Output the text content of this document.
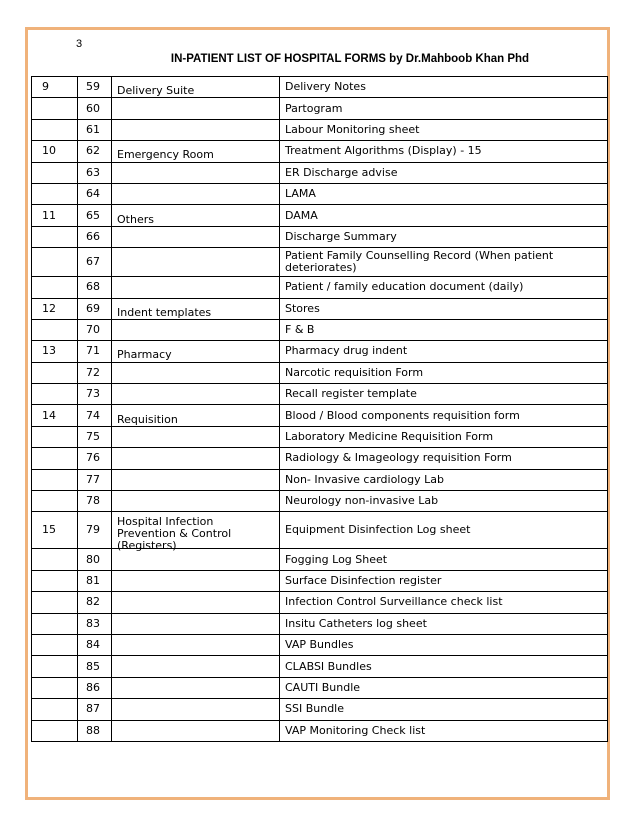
3
IN-PATIENT LIST OF HOSPITAL FORMS by Dr.Mahboob Khan Phd
9	59	Delivery Suite	Delivery Notes
	60		Partogram
	61		Labour Monitoring sheet
10	62	Emergency Room	Treatment Algorithms (Display) - 15
	63		ER Discharge advise
	64		LAMA
11	65	Others	DAMA
	66		Discharge Summary
	67		Patient Family Counselling Record (When patient deteriorates)
	68		Patient / family education document (daily)
12	69	Indent templates	Stores
	70		F & B
13	71	Pharmacy	Pharmacy drug indent
	72		Narcotic requisition Form
	73		Recall register template
14	74	Requisition	Blood / Blood components requisition form
	75		Laboratory Medicine Requisition Form
	76		Radiology & Imageology requisition Form
	77		Non- Invasive cardiology Lab
	78		Neurology non-invasive Lab
15	79	Hospital Infection Prevention & Control (Registers)	Equipment Disinfection Log sheet
	80		Fogging Log Sheet
	81		Surface Disinfection register
	82		Infection Control Surveillance check list
	83		Insitu Catheters log sheet
	84		VAP Bundles
	85		CLABSI Bundles
	86		CAUTI Bundle
	87		SSI Bundle
	88		VAP Monitoring Check list
